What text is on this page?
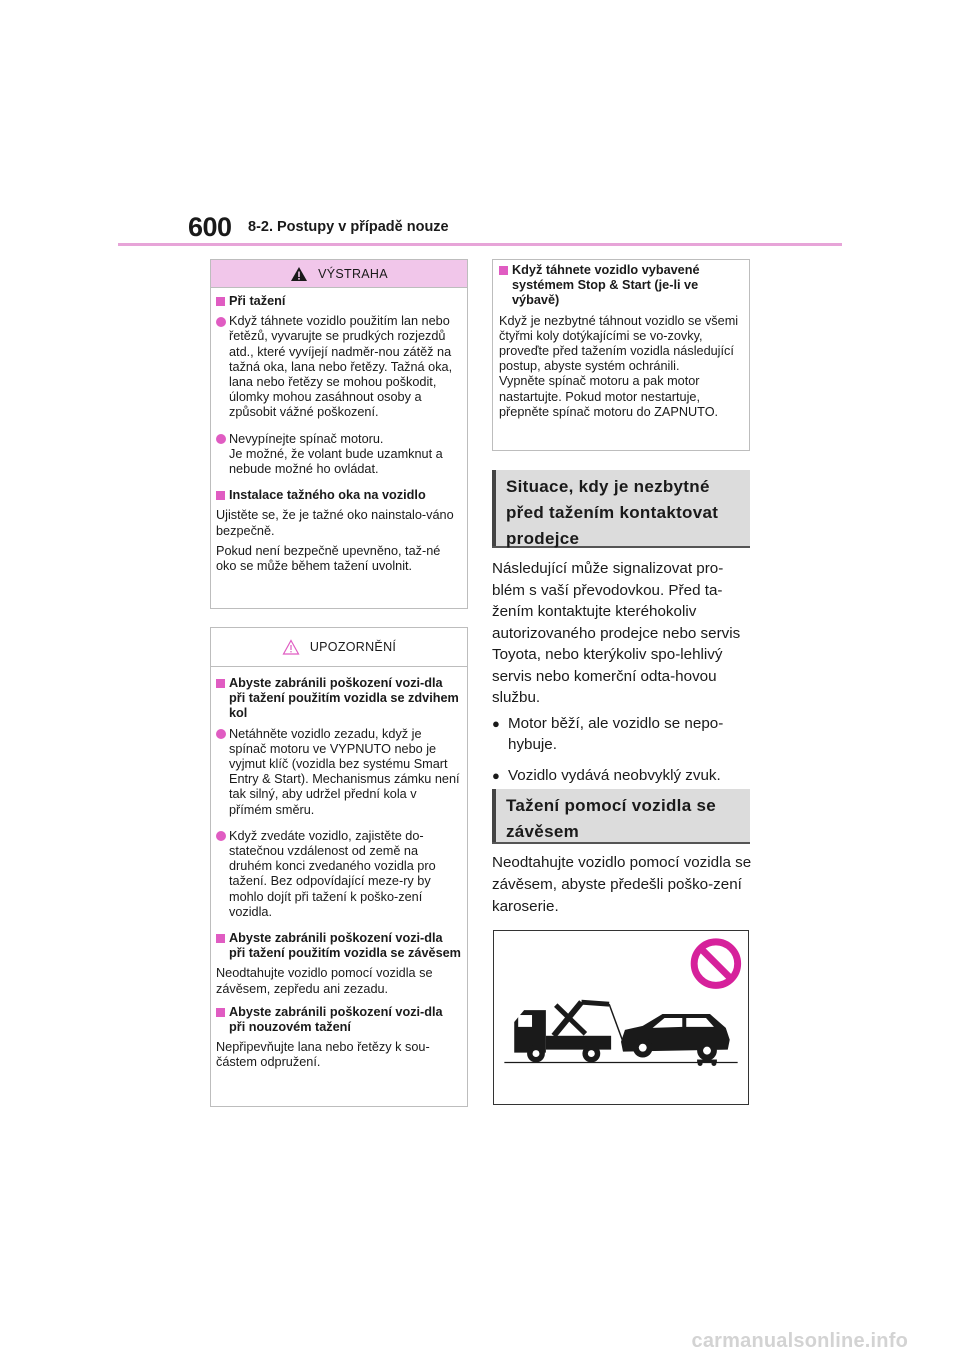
600 8-2. Postupy v případě nouze
VÝSTRAHA
Při tažení
Když táhnete vozidlo použitím lan nebo řetězů, vyvarujte se prudkých rozjezdů atd., které vyvíjejí nadměr-nou zátěž na tažná oka, lana nebo řetězy. Tažná oka, lana nebo řetězy se mohou poškodit, úlomky mohou zasáhnout osoby a způsobit vážné poškození.
Nevypínejte spínač motoru.
Je možné, že volant bude uzamknut a nebude možné ho ovládat.
Instalace tažného oka na vozidlo
Ujistěte se, že je tažné oko nainstalo-váno bezpečně.
Pokud není bezpečně upevněno, taž-né oko se může během tažení uvolnit.
UPOZORNĚNÍ
Abyste zabránili poškození vozi-dla při tažení použitím vozidla se zdvihem kol
Netáhněte vozidlo zezadu, když je spínač motoru ve VYPNUTO nebo je vyjmut klíč (vozidla bez systému Smart Entry & Start). Mechanismus zámku není tak silný, aby udržel přední kola v přímém směru.
Když zvedáte vozidlo, zajistěte do-statečnou vzdálenost od země na druhém konci zvedaného vozidla pro tažení. Bez odpovídající meze-ry by mohlo dojít při tažení k poško-zení vozidla.
Abyste zabránili poškození vozi-dla při tažení použitím vozidla se závěsem
Neodtahujte vozidlo pomocí vozidla se závěsem, zepředu ani zezadu.
Abyste zabránili poškození vozi-dla při nouzovém tažení
Nepřipevňujte lana nebo řetězy k sou-částem odpružení.
Když táhnete vozidlo vybavené systémem Stop & Start (je-li ve výbavě)
Když je nezbytné táhnout vozidlo se všemi čtyřmi koly dotýkajícími se vo-zovky, proveďte před tažením vozidla následující postup, abyste systém ochránili.
Vypněte spínač motoru a pak motor nastartujte. Pokud motor nestartuje, přepněte spínač motoru do ZAPNUTO.
Situace, kdy je nezbytné před tažením kontaktovat prodejce
Následující může signalizovat pro-blém s vaší převodovkou. Před ta-žením kontaktujte kteréhokoliv autorizovaného prodejce nebo servis Toyota, nebo kterýkoliv spo-lehlivý servis nebo komerční odta-hovou službu.
● Motor běží, ale vozidlo se nepo-hybuje.
● Vozidlo vydává neobvyklý zvuk.
Tažení pomocí vozidla se závěsem
Neodtahujte vozidlo pomocí vozidla se závěsem, abyste předešli poško-zení karoserie.
carmanualsonline.info
